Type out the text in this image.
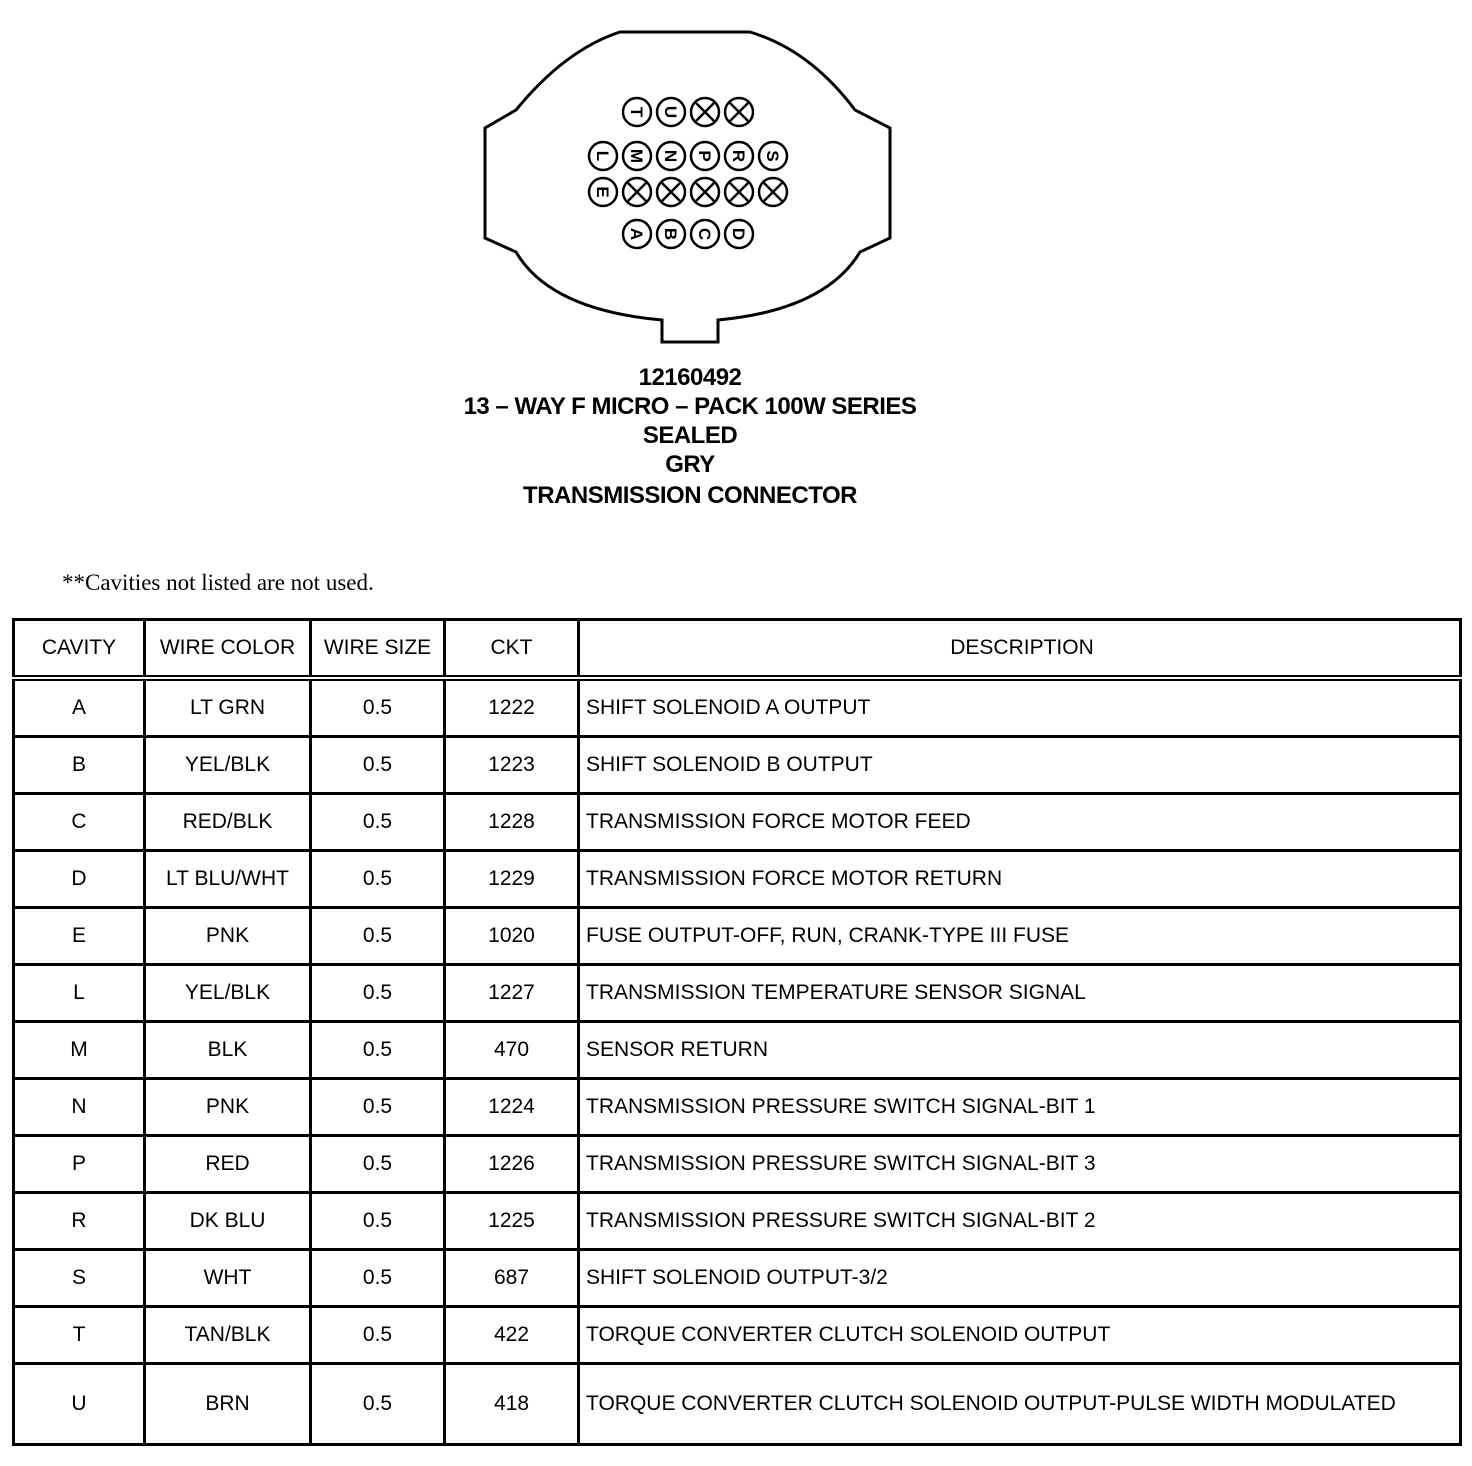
T U
L M N P R S
E
A B C D
12160492
13 – WAY F MICRO – PACK 100W SERIES
SEALED
GRY
TRANSMISSION CONNECTOR
**Cavities not listed are not used.
CAVITY	WIRE COLOR	WIRE SIZE	CKT	DESCRIPTION
A	LT GRN	0.5	1222	SHIFT SOLENOID A OUTPUT
B	YEL/BLK	0.5	1223	SHIFT SOLENOID B OUTPUT
C	RED/BLK	0.5	1228	TRANSMISSION FORCE MOTOR FEED
D	LT BLU/WHT	0.5	1229	TRANSMISSION FORCE MOTOR RETURN
E	PNK	0.5	1020	FUSE OUTPUT-OFF, RUN, CRANK-TYPE III FUSE
L	YEL/BLK	0.5	1227	TRANSMISSION TEMPERATURE SENSOR SIGNAL
M	BLK	0.5	470	SENSOR RETURN
N	PNK	0.5	1224	TRANSMISSION PRESSURE SWITCH SIGNAL-BIT 1
P	RED	0.5	1226	TRANSMISSION PRESSURE SWITCH SIGNAL-BIT 3
R	DK BLU	0.5	1225	TRANSMISSION PRESSURE SWITCH SIGNAL-BIT 2
S	WHT	0.5	687	SHIFT SOLENOID OUTPUT-3/2
T	TAN/BLK	0.5	422	TORQUE CONVERTER CLUTCH SOLENOID OUTPUT
U	BRN	0.5	418	TORQUE CONVERTER CLUTCH SOLENOID OUTPUT-PULSE WIDTH MODULATED
